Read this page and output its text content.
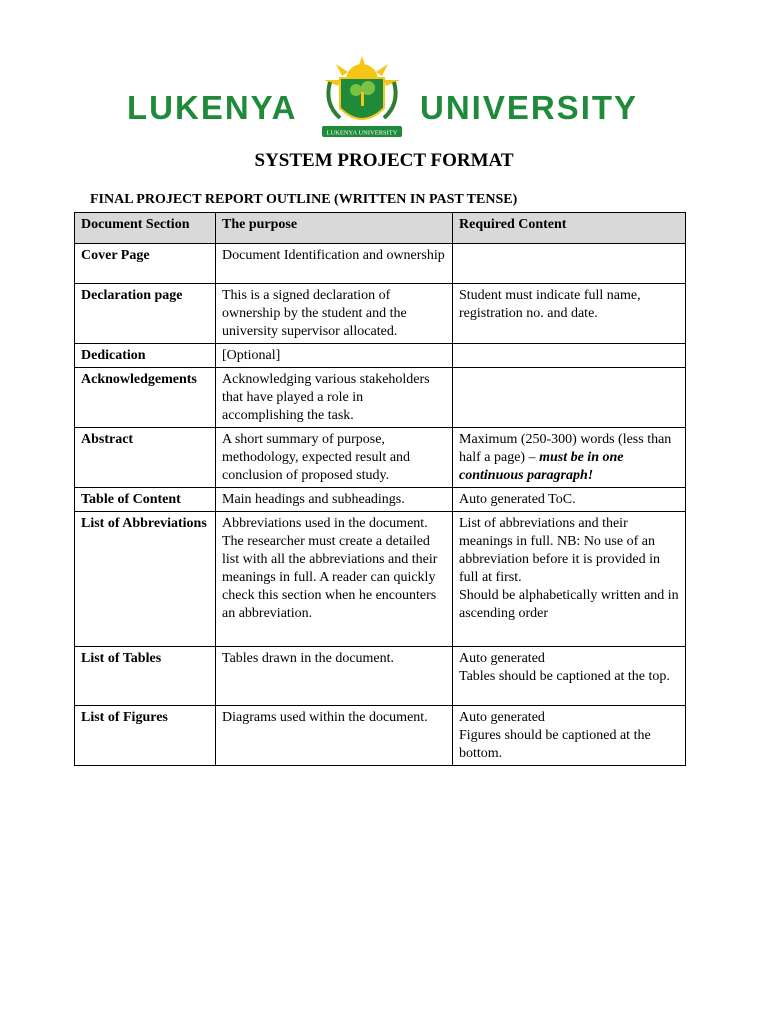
LUKENYA
LUKENYA UNIVERSITY
UNIVERSITY
SYSTEM PROJECT FORMAT
FINAL PROJECT REPORT OUTLINE (WRITTEN IN PAST TENSE)
Document Section	The purpose	Required Content
Cover Page	Document Identification and ownership	
Declaration page	This is a signed declaration of ownership by the student and the university supervisor allocated.	Student must indicate full name, registration no. and date.
Dedication	[Optional]	
Acknowledgements	Acknowledging various stakeholders that have played a role in accomplishing the task.	
Abstract	A short summary of purpose, methodology, expected result and conclusion of proposed study.	Maximum (250-300) words (less than half a page) – must be in one continuous paragraph!
Table of Content	Main headings and subheadings.	Auto generated ToC.
List of Abbreviations	Abbreviations used in the document. The researcher must create a detailed list with all the abbreviations and their meanings in full. A reader can quickly check this section when he encounters an abbreviation.	List of abbreviations and their meanings in full. NB: No use of an abbreviation before it is provided in full at first.
Should be alphabetically written and in ascending order
List of Tables	Tables drawn in the document.	Auto generated
Tables should be captioned at the top.
List of Figures	Diagrams used within the document.	Auto generated
Figures should be captioned at the bottom.
